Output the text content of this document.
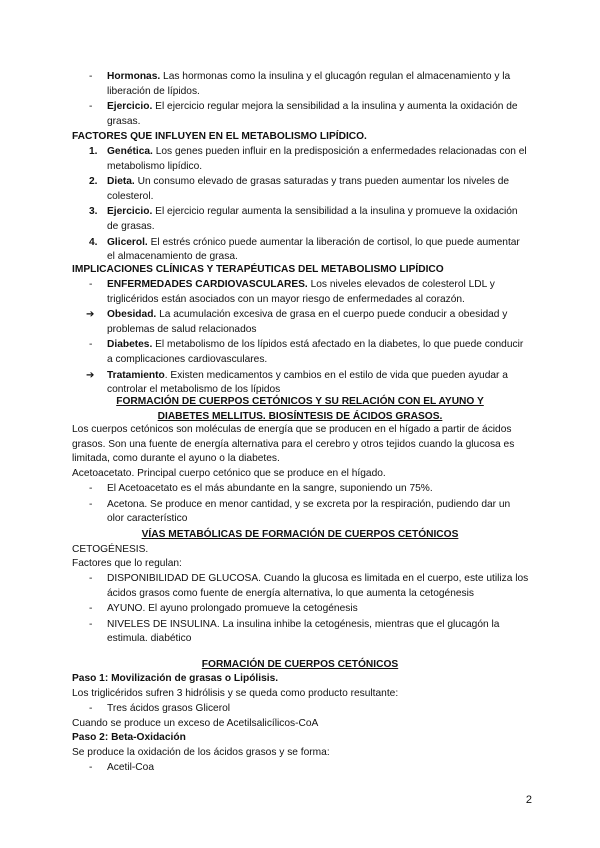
- Hormonas. Las hormonas como la insulina y el glucagón regulan el almacenamiento y la liberación de lípidos.
- Ejercicio. El ejercicio regular mejora la sensibilidad a la insulina y aumenta la oxidación de grasas.
FACTORES QUE INFLUYEN EN EL METABOLISMO LIPÍDICO.
1. Genética. Los genes pueden influir en la predisposición a enfermedades relacionadas con el metabolismo lipídico.
2. Dieta. Un consumo elevado de grasas saturadas y trans pueden aumentar los niveles de colesterol.
3. Ejercicio. El ejercicio regular aumenta la sensibilidad a la insulina y promueve la oxidación de grasas.
4. Glicerol. El estrés crónico puede aumentar la liberación de cortisol, lo que puede aumentar el almacenamiento de grasa.
IMPLICACIONES CLÍNICAS Y TERAPÉUTICAS DEL METABOLISMO LIPÍDICO
- ENFERMEDADES CARDIOVASCULARES. Los niveles elevados de colesterol LDL y triglicéridos están asociados con un mayor riesgo de enfermedades al corazón.
➔ Obesidad. La acumulación excesiva de grasa en el cuerpo puede conducir a obesidad y problemas de salud relacionados
- Diabetes. El metabolismo de los lípidos está afectado en la diabetes, lo que puede conducir a complicaciones cardiovasculares.
➔ Tratamiento. Existen medicamentos y cambios en el estilo de vida que pueden ayudar a controlar el metabolismo de los lípidos
FORMACIÓN DE CUERPOS CETÓNICOS Y SU RELACIÓN CON EL AYUNO Y DIABETES MELLITUS. BIOSÍNTESIS DE ÁCIDOS GRASOS.
Los cuerpos cetónicos son moléculas de energía que se producen en el hígado a partir de ácidos grasos. Son una fuente de energía alternativa para el cerebro y otros tejidos cuando la glucosa es limitada, como durante el ayuno o la diabetes.
Acetoacetato. Principal cuerpo cetónico que se produce en el hígado.
- El Acetoacetato es el más abundante en la sangre, suponiendo un 75%.
- Acetona. Se produce en menor cantidad, y se excreta por la respiración, pudiendo dar un olor característico
VÍAS METABÓLICAS DE FORMACIÓN DE CUERPOS CETÓNICOS
CETOGÉNESIS.
Factores que lo regulan:
- DISPONIBILIDAD DE GLUCOSA. Cuando la glucosa es limitada en el cuerpo, este utiliza los ácidos grasos como fuente de energía alternativa, lo que aumenta la cetogénesis
- AYUNO. El ayuno prolongado promueve la cetogénesis
- NIVELES DE INSULINA. La insulina inhibe la cetogénesis, mientras que el glucagón la estimula. diabético
FORMACIÓN DE CUERPOS CETÓNICOS
Paso 1: Movilización de grasas o Lipólisis.
Los triglicéridos sufren 3 hidrólisis y se queda como producto resultante:
- Tres ácidos grasos Glicerol
Cuando se produce un exceso de Acetilsalicílicos-CoA
Paso 2: Beta-Oxidación
Se produce la oxidación de los ácidos grasos y se forma:
- Acetil-Coa
2
